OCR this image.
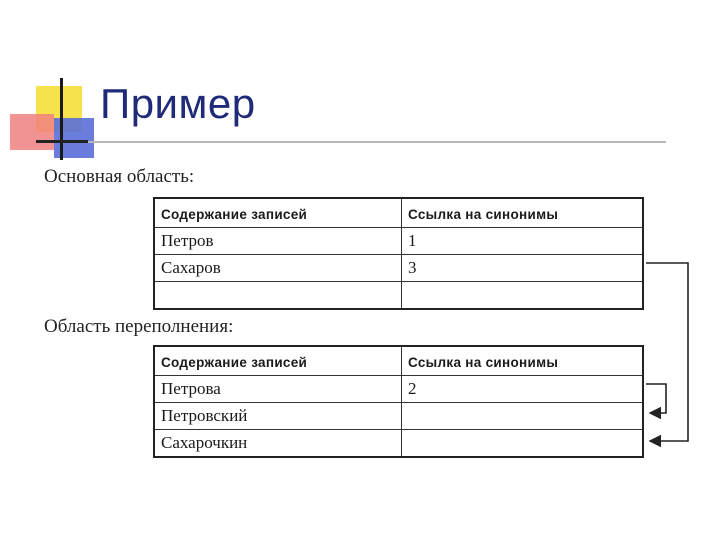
Пример
Основная область:
Содержание записей	Ссылка на синонимы
Петров	1
Сахаров	3

Область переполнения:
Содержание записей	Ссылка на синонимы
Петрова	2
Петровский	
Сахарочкин	
